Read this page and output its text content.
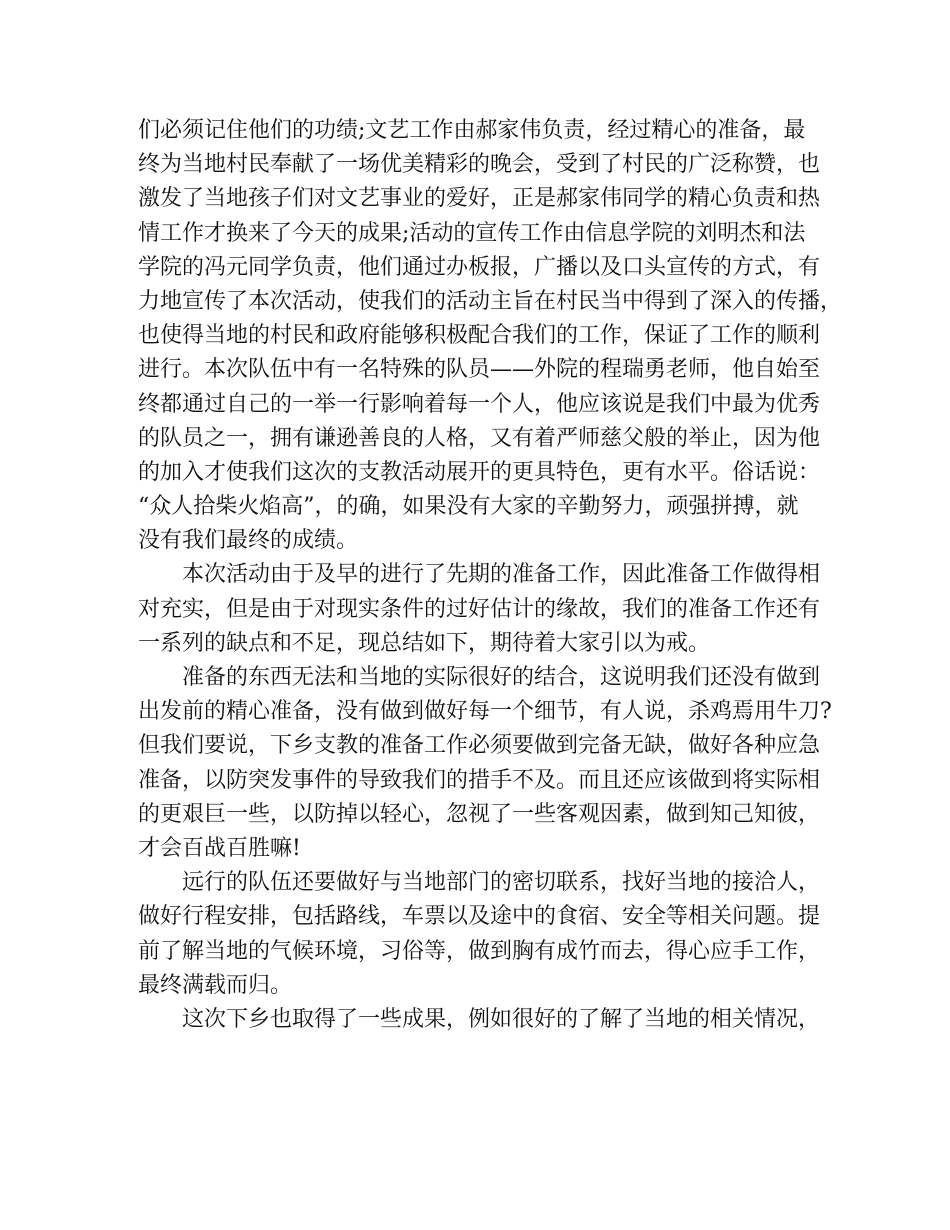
们必须记住他们的功绩;文艺工作由郝家伟负责，经过精心的准备，最
终为当地村民奉献了一场优美精彩的晚会，受到了村民的广泛称赞，也
激发了当地孩子们对文艺事业的爱好，正是郝家伟同学的精心负责和热
情工作才换来了今天的成果;活动的宣传工作由信息学院的刘明杰和法
学院的冯元同学负责，他们通过办板报，广播以及口头宣传的方式，有
力地宣传了本次活动，使我们的活动主旨在村民当中得到了深入的传播，
也使得当地的村民和政府能够积极配合我们的工作，保证了工作的顺利
进行。本次队伍中有一名特殊的队员——外院的程瑞勇老师，他自始至
终都通过自己的一举一行影响着每一个人，他应该说是我们中最为优秀
的队员之一，拥有谦逊善良的人格，又有着严师慈父般的举止，因为他
的加入才使我们这次的支教活动展开的更具特色，更有水平。俗话说：
“众人拾柴火焰高”，的确，如果没有大家的辛勤努力，顽强拼搏，就
没有我们最终的成绩。
本次活动由于及早的进行了先期的准备工作，因此准备工作做得相
对充实，但是由于对现实条件的过好估计的缘故，我们的准备工作还有
一系列的缺点和不足，现总结如下，期待着大家引以为戒。
准备的东西无法和当地的实际很好的结合，这说明我们还没有做到
出发前的精心准备，没有做到做好每一个细节，有人说，杀鸡焉用牛刀?
但我们要说，下乡支教的准备工作必须要做到完备无缺，做好各种应急
准备，以防突发事件的导致我们的措手不及。而且还应该做到将实际相
的更艰巨一些，以防掉以轻心，忽视了一些客观因素，做到知己知彼，
才会百战百胜嘛!
远行的队伍还要做好与当地部门的密切联系，找好当地的接洽人，
做好行程安排，包括路线，车票以及途中的食宿、安全等相关问题。提
前了解当地的气候环境，习俗等，做到胸有成竹而去，得心应手工作，
最终满载而归。
这次下乡也取得了一些成果，例如很好的了解了当地的相关情况，
